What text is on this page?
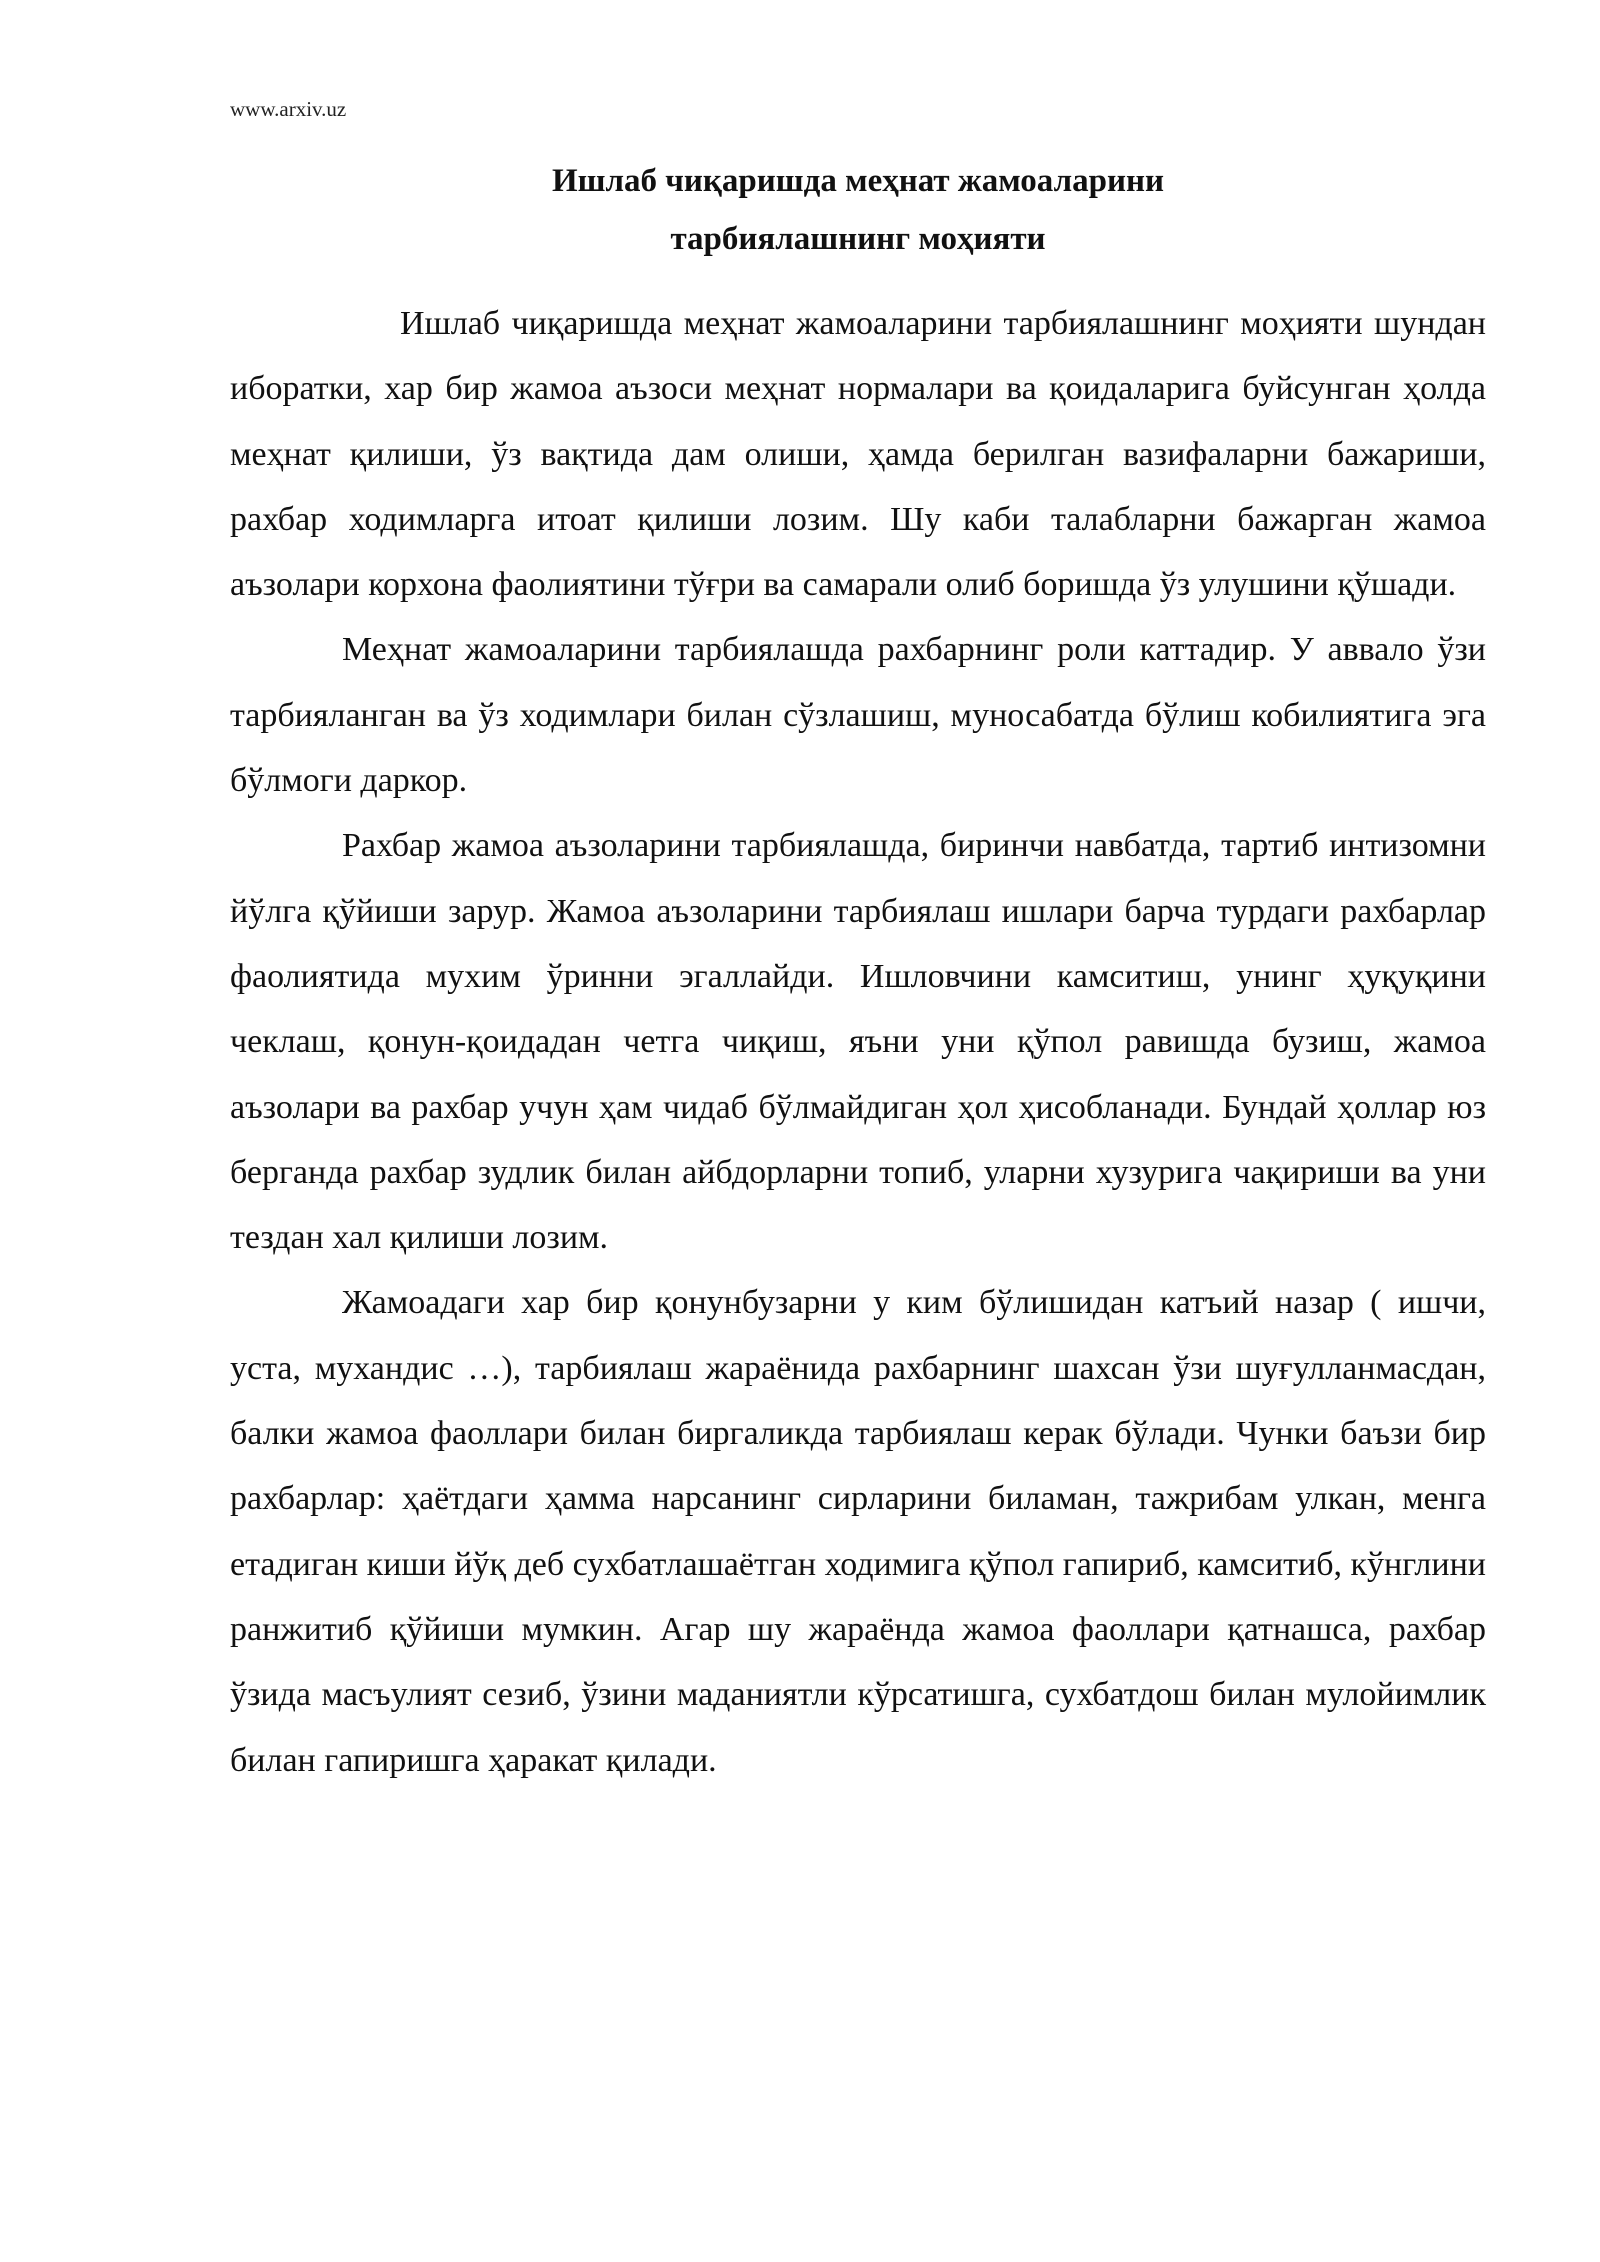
www.arxiv.uz
Ишлаб чиқаришда меҳнат жамоаларини
тарбиялашнинг моҳияти

Ишлаб чиқаришда меҳнат жамоаларини тарбиялашнинг моҳияти шундан иборатки, хар бир жамоа аъзоси меҳнат нормалари ва қоидаларига буйсунган ҳолда меҳнат қилиши, ўз вақтида дам олиши, ҳамда берилган вазифаларни бажариши, рахбар ходимларга итоат қилиши лозим. Шу каби талабларни бажарган жамоа аъзолари корхона фаолиятини тўғри ва самарали олиб боришда ўз улушини қўшади.

Меҳнат жамоаларини тарбиялашда рахбарнинг роли каттадир. У аввало ўзи тарбияланган ва ўз ходимлари билан сўзлашиш, муносабатда бўлиш кобилиятига эга бўлмоги даркор.

Рахбар жамоа аъзоларини тарбиялашда, биринчи навбатда, тартиб интизомни йўлга қўйиши зарур. Жамоа аъзоларини тарбиялаш ишлари барча турдаги рахбарлар фаолиятида мухим ўринни эгаллайди. Ишловчини камситиш, унинг ҳуқуқини чеклаш, қонун-қоидадан четга чиқиш, яъни уни қўпол равишда бузиш, жамоа аъзолари ва рахбар учун ҳам чидаб бўлмайдиган ҳол ҳисобланади. Бундай ҳоллар юз берганда рахбар зудлик билан айбдорларни топиб, уларни хузурига чақириши ва уни тездан хал қилиши лозим.

Жамоадаги хар бир қонунбузарни у ким бўлишидан катъий назар ( ишчи, уста, мухандис …), тарбиялаш жараёнида рахбарнинг шахсан ўзи шуғулланмасдан, балки жамоа фаоллари билан биргаликда тарбиялаш керак бўлади. Чунки баъзи бир рахбарлар: ҳаётдаги ҳамма нарсанинг сирларини биламан, тажрибам улкан, менга етадиган киши йўқ деб сухбатлашаётган ходимига қўпол гапириб, камситиб, кўнглини ранжитиб қўйиши мумкин. Агар шу жараёнда жамоа фаоллари қатнашса, рахбар ўзида масъулият сезиб, ўзини маданиятли кўрсатишга, сухбатдош билан мулойимлик билан гапиришга ҳаракат қилади.
